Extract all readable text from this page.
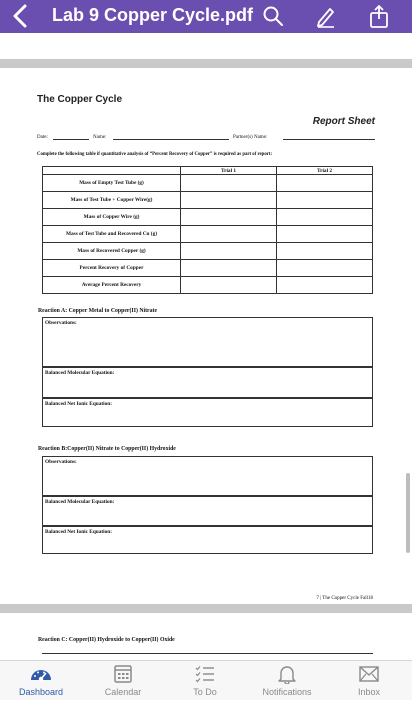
Lab 9 Copper Cycle.pdf
The Copper Cycle
Report Sheet
Date:	Name:	Partner(s) Name:
Complete the following table if quantitative analysis of “Percent Recovery of Copper” is required as part of report:
	Trial 1	Trial 2
Mass of Empty Test Tube (g)		
Mass of Test Tube + Copper Wire(g)		
Mass of Copper Wire (g)		
Mass of Test Tube and Recovered Cu (g)		
Mass of Recovered Copper (g)		
Percent Recovery of Copper		
Average Percent Recovery		
Reaction A: Copper Metal to Copper(II) Nitrate
Observations:
Balanced Molecular Equation:
Balanced Net Ionic Equation:
Reaction B:Copper(II) Nitrate to Copper(II) Hydroxide
Observations:
Balanced Molecular Equation:
Balanced Net Ionic Equation:
7 | The Copper Cycle Fall18
Reaction C: Copper(II) Hydroxide to Copper(II) Oxide
Dashboard	Calendar	To Do	Notifications	Inbox
